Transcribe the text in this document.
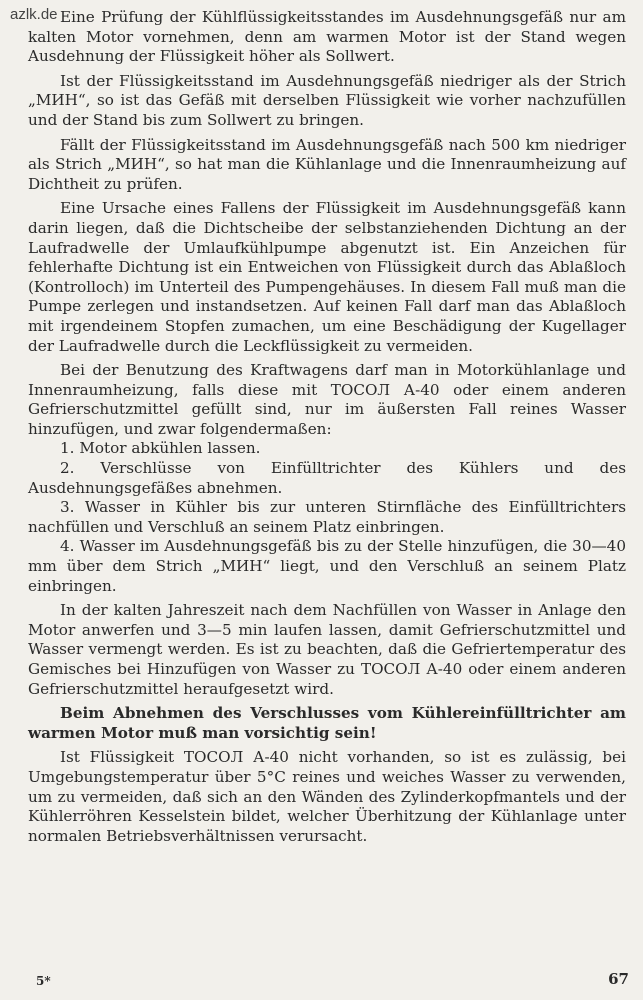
azlk.de Eine Prüfung der Kühlflüssigkeitsstandes im Ausdehnungsgefäß nur am kalten Motor vornehmen, denn am warmen Motor ist der Stand wegen Ausdehnung der Flüssigkeit höher als Sollwert.

Ist der Flüssigkeitsstand im Ausdehnungsgefäß niedriger als der Strich „МИН“, so ist das Gefäß mit derselben Flüssigkeit wie vorher nachzufüllen und der Stand bis zum Sollwert zu bringen.

Fällt der Flüssigkeitsstand im Ausdehnungsgefäß nach 500 km niedriger als Strich „МИН“, so hat man die Kühlanlage und die Innenraumheizung auf Dichtheit zu prüfen.

Eine Ursache eines Fallens der Flüssigkeit im Ausdehnungsgefäß kann darin liegen, daß die Dichtscheibe der selbstanziehenden Dichtung an der Laufradwelle der Umlaufkühlpumpe abgenutzt ist. Ein Anzeichen für fehlerhafte Dichtung ist ein Entweichen von Flüssigkeit durch das Ablaßloch (Kontrolloch) im Unterteil des Pumpengehäuses. In diesem Fall muß man die Pumpe zerlegen und instandsetzen. Auf keinen Fall darf man das Ablaßloch mit irgendeinem Stopfen zumachen, um eine Beschädigung der Kugellager der Laufradwelle durch die Leckflüssigkeit zu vermeiden.

Bei der Benutzung des Kraftwagens darf man in Motorkühlanlage und Innenraumheizung, falls diese mit ТОСОЛ А-40 oder einem anderen Gefrierschutzmittel gefüllt sind, nur im äußersten Fall reines Wasser hinzufügen, und zwar folgendermaßen:

1. Motor abkühlen lassen.

2. Verschlüsse von Einfülltrichter des Kühlers und des Ausdehnungsgefäßes abnehmen.

3. Wasser in Kühler bis zur unteren Stirnfläche des Einfülltrichters nachfüllen und Verschluß an seinem Platz einbringen.

4. Wasser im Ausdehnungsgefäß bis zu der Stelle hinzufügen, die 30—40 mm über dem Strich „МИН“ liegt, und den Verschluß an seinem Platz einbringen.

In der kalten Jahreszeit nach dem Nachfüllen von Wasser in Anlage den Motor anwerfen und 3—5 min laufen lassen, damit Gefrierschutzmittel und Wasser vermengt werden. Es ist zu beachten, daß die Gefriertemperatur des Gemisches bei Hinzufügen von Wasser zu ТОСОЛ А-40 oder einem anderen Gefrierschutzmittel heraufgesetzt wird.

Beim Abnehmen des Verschlusses vom Kühlereinfülltrichter am warmen Motor muß man vorsichtig sein!

Ist Flüssigkeit ТОСОЛ А-40 nicht vorhanden, so ist es zulässig, bei Umgebungstemperatur über 5°C reines und weiches Wasser zu verwenden, um zu vermeiden, daß sich an den Wänden des Zylinderkopfmantels und der Kühlerröhren Kesselstein bildet, welcher Überhitzung der Kühlanlage unter normalen Betriebsverhältnissen verursacht.

5*	67
